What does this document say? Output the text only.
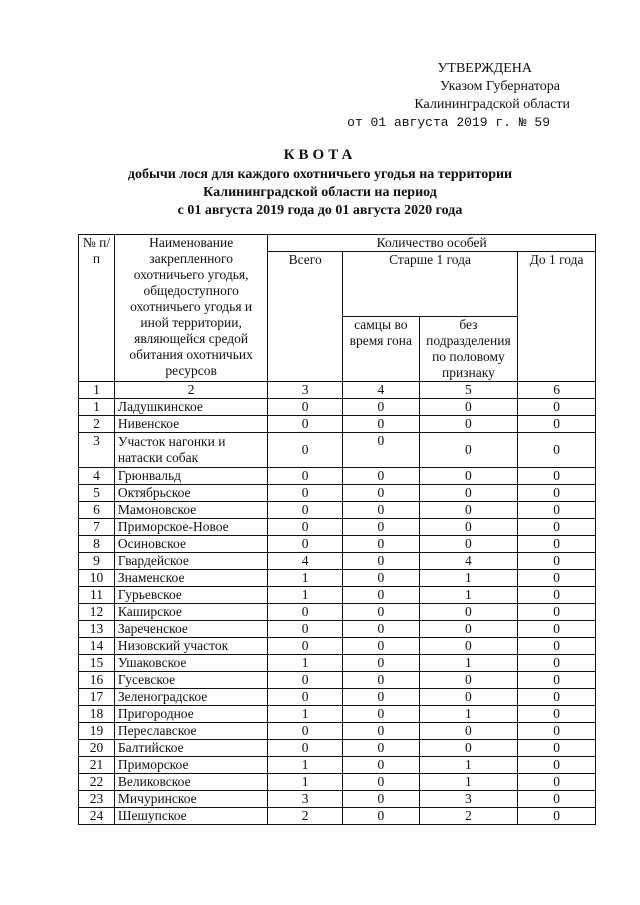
УТВЕРЖДЕНА
Указом Губернатора
Калининградской области
от 01 августа 2019 г. № 59
КВОТА
добычи лося для каждого охотничьего угодья на территории
Калининградской области на период
с 01 августа 2019 года до 01 августа 2020 года
№ п/п	Наименование закрепленного охотничьего угодья, общедоступного охотничьего угодья и иной территории, являющейся средой обитания охотничьих ресурсов	Количество особей			
		Всего	Старше 1 года		До 1 года
			самцы во время гона	без подразделения по половому признаку	
1	2	3	4	5	6
1	Ладушкинское	0	0	0	0
2	Нивенское	0	0	0	0
3	Участок нагонки и натаски собак	0	0	0	0
4	Грюнвальд	0	0	0	0
5	Октябрьское	0	0	0	0
6	Мамоновское	0	0	0	0
7	Приморское-Новое	0	0	0	0
8	Осиновское	0	0	0	0
9	Гвардейское	4	0	4	0
10	Знаменское	1	0	1	0
11	Гурьевское	1	0	1	0
12	Каширское	0	0	0	0
13	Зареченское	0	0	0	0
14	Низовский участок	0	0	0	0
15	Ушаковское	1	0	1	0
16	Гусевское	0	0	0	0
17	Зеленоградское	0	0	0	0
18	Пригородное	1	0	1	0
19	Переславское	0	0	0	0
20	Балтийское	0	0	0	0
21	Приморское	1	0	1	0
22	Великовское	1	0	1	0
23	Мичуринское	3	0	3	0
24	Шешупское	2	0	2	0
